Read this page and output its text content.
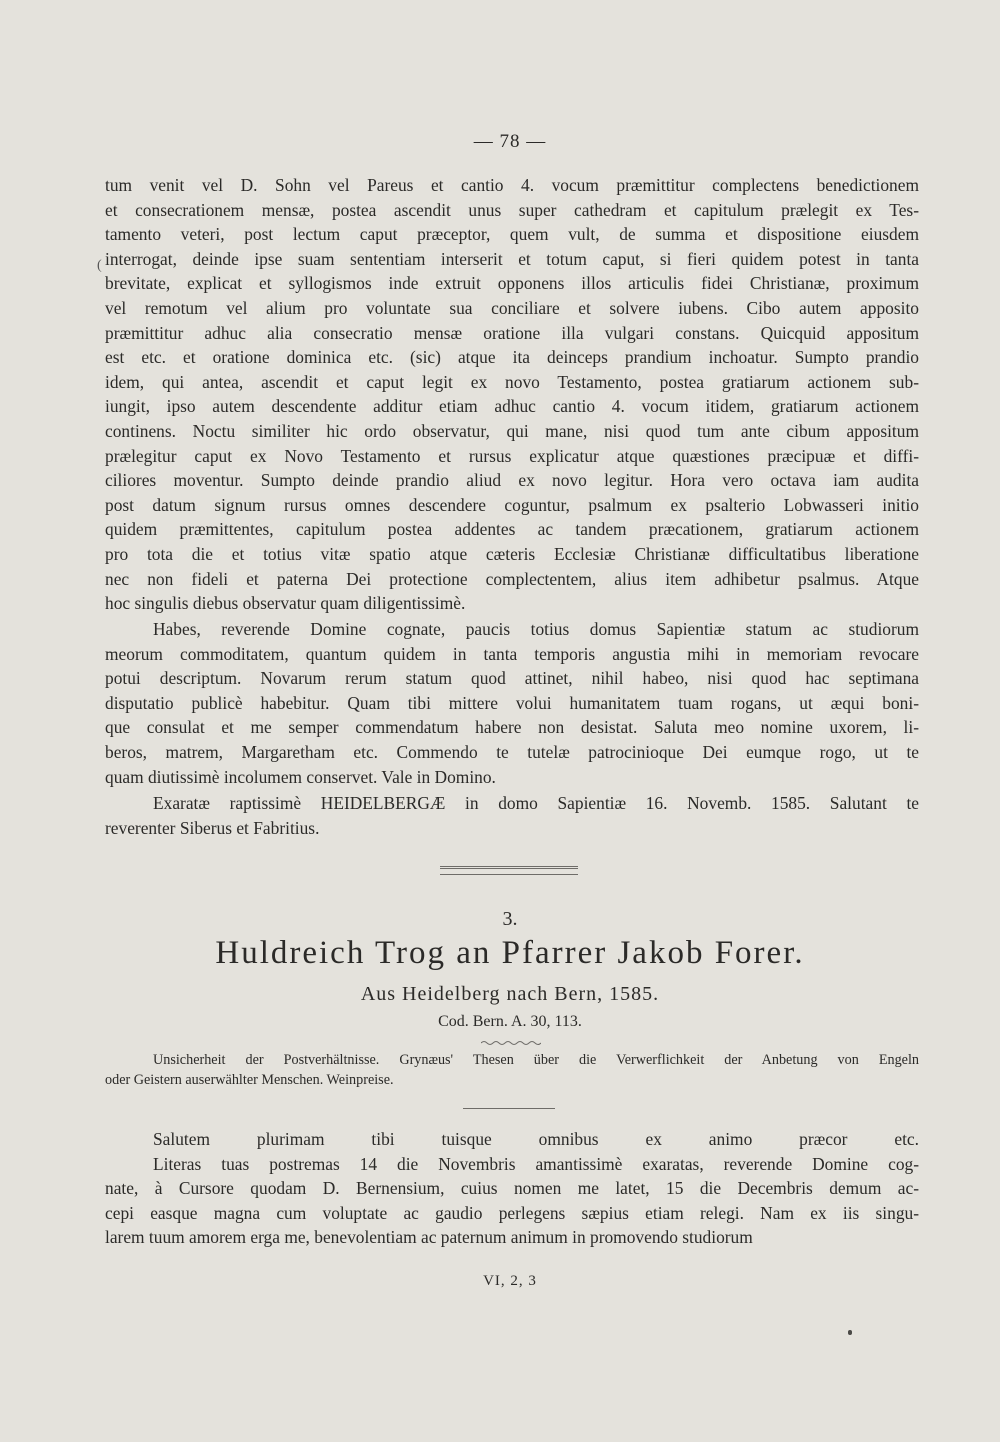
— 78 —
(

tum venit vel D. Sohn vel Pareus et cantio 4. vocum præmittitur complectens benedictionem

et consecrationem mensæ, postea ascendit unus super cathedram et capitulum prælegit ex Tes-

tamento veteri, post lectum caput præceptor, quem vult, de summa et dispositione eiusdem

interrogat, deinde ipse suam sententiam interserit et totum caput, si fieri quidem potest in tanta

brevitate, explicat et syllogismos inde extruit opponens illos articulis fidei Christianæ, proximum

vel remotum vel alium pro voluntate sua conciliare et solvere iubens. Cibo autem apposito

præmittitur adhuc alia consecratio mensæ oratione illa vulgari constans. Quicquid appositum

est etc. et oratione dominica etc. (sic) atque ita deinceps prandium inchoatur. Sumpto prandio

idem, qui antea, ascendit et caput legit ex novo Testamento, postea gratiarum actionem sub-

iungit, ipso autem descendente additur etiam adhuc cantio 4. vocum itidem, gratiarum actionem

continens. Noctu similiter hic ordo observatur, qui mane, nisi quod tum ante cibum appositum

prælegitur caput ex Novo Testamento et rursus explicatur atque quæstiones præcipuæ et diffi-

ciliores moventur. Sumpto deinde prandio aliud ex novo legitur. Hora vero octava iam audita

post datum signum rursus omnes descendere coguntur, psalmum ex psalterio Lobwasseri initio

quidem præmittentes, capitulum postea addentes ac tandem præcationem, gratiarum actionem

pro tota die et totius vitæ spatio atque cæteris Ecclesiæ Christianæ difficultatibus liberatione

nec non fideli et paterna Dei protectione complectentem, alius item adhibetur psalmus. Atque

hoc singulis diebus observatur quam diligentissimè.

Habes, reverende Domine cognate, paucis totius domus Sapientiæ statum ac studiorum

meorum commoditatem, quantum quidem in tanta temporis angustia mihi in memoriam revocare

potui descriptum. Novarum rerum statum quod attinet, nihil habeo, nisi quod hac septimana

disputatio publicè habebitur. Quam tibi mittere volui humanitatem tuam rogans, ut æqui boni-

que consulat et me semper commendatum habere non desistat. Saluta meo nomine uxorem, li-

beros, matrem, Margaretham etc. Commendo te tutelæ patrocinioque Dei eumque rogo, ut te

quam diutissimè incolumem conservet. Vale in Domino.

Exaratæ raptissimè HEIDELBERGÆ in domo Sapientiæ 16. Novemb. 1585. Salutant te

reverenter Siberus et Fabritius.

3.
Huldreich Trog an Pfarrer Jakob Forer.
Aus Heidelberg nach Bern, 1585.
Cod. Bern. A. 30, 113.
Unsicherheit der Postverhältnisse. Grynæus' Thesen über die Verwerflichkeit der Anbetung von Engeln
oder Geistern auserwählter Menschen. Weinpreise.

Salutem plurimam tibi tuisque omnibus ex animo præcor etc.

Literas tuas postremas 14 die Novembris amantissimè exaratas, reverende Domine cog-

nate, à Cursore quodam D. Bernensium, cuius nomen me latet, 15 die Decembris demum ac-

cepi easque magna cum voluptate ac gaudio perlegens sæpius etiam relegi. Nam ex iis singu-

larem tuum amorem erga me, benevolentiam ac paternum animum in promovendo studiorum

VI, 2, 3
